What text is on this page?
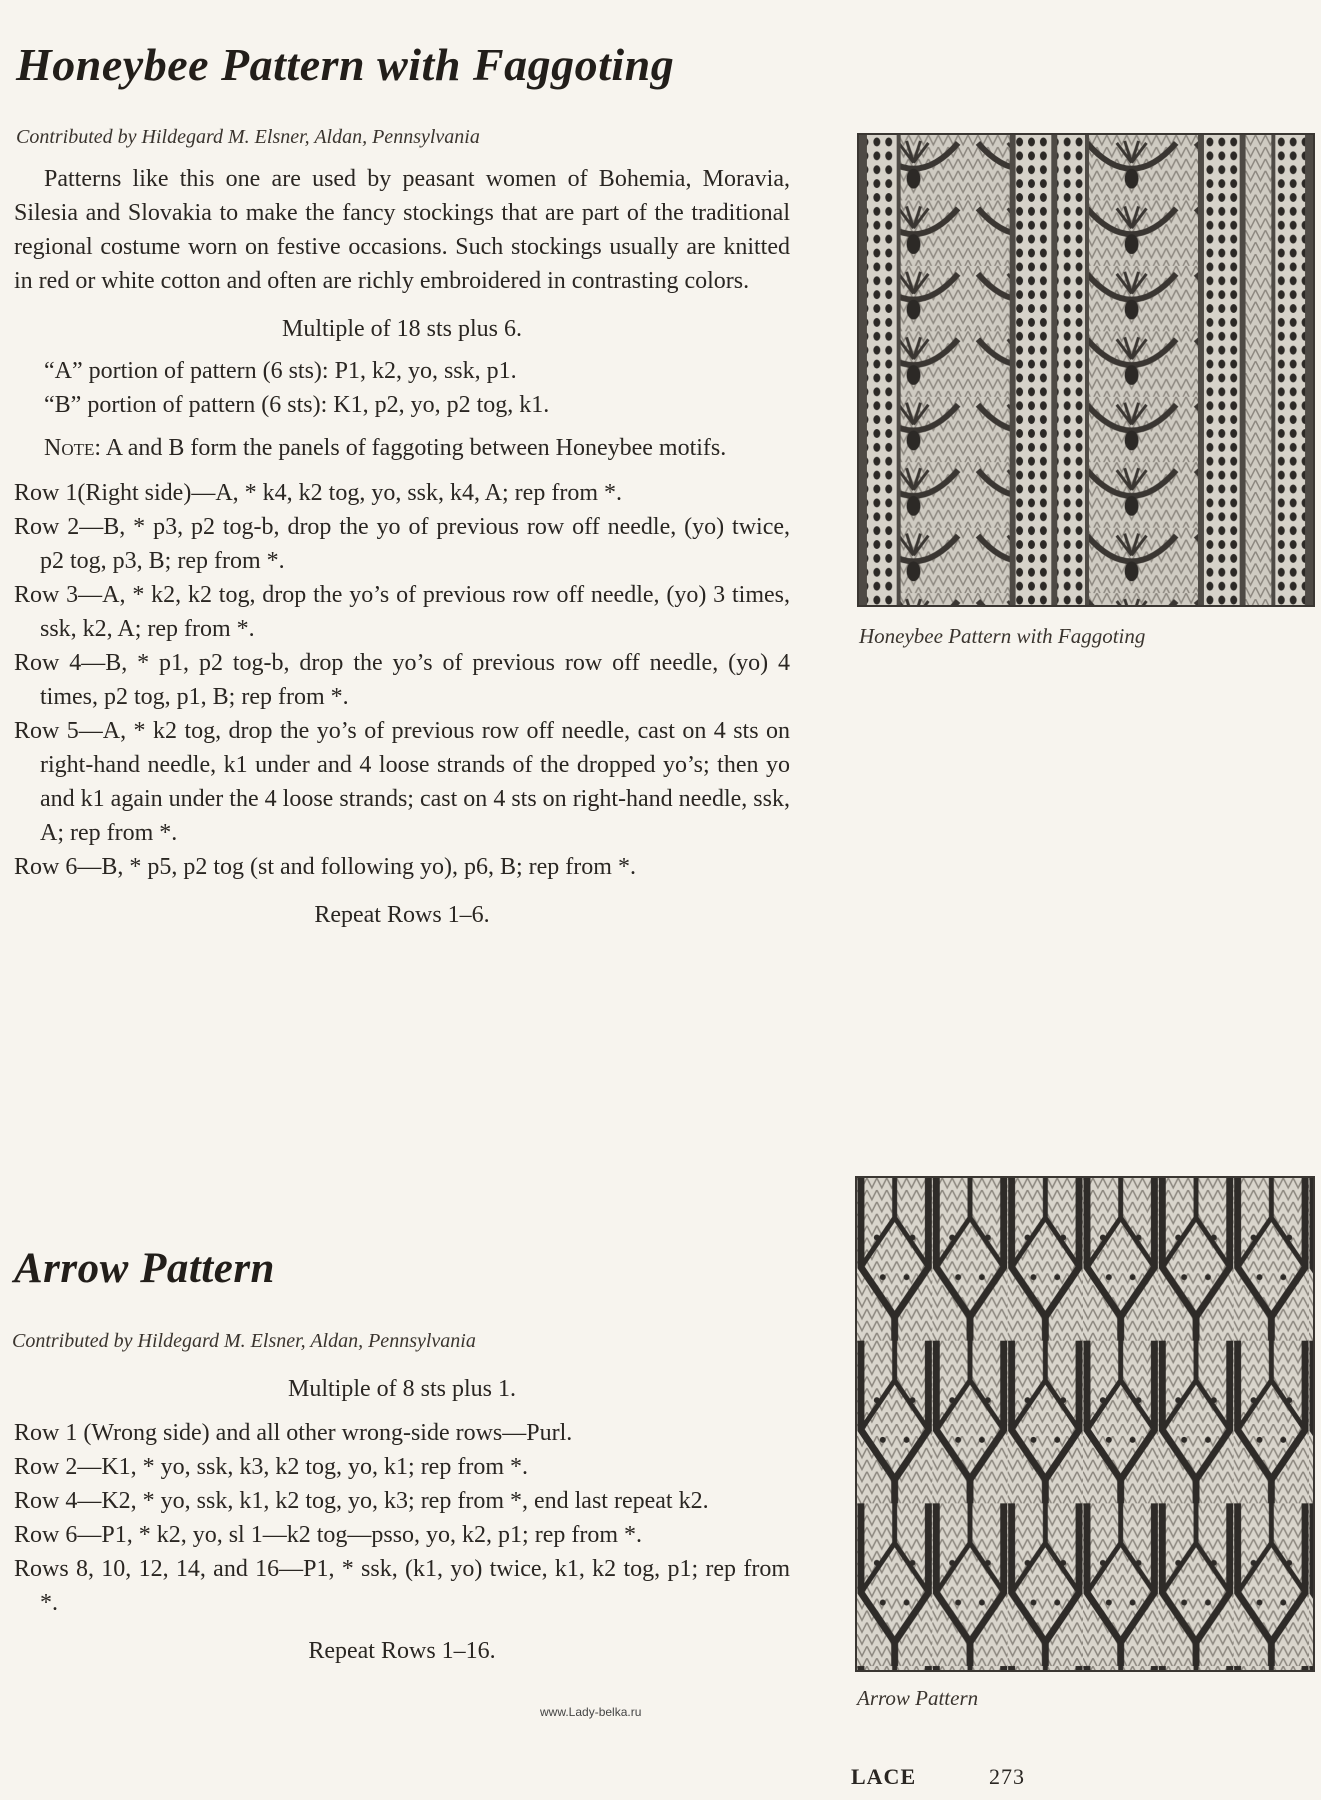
Honeybee Pattern with Faggoting
Contributed by Hildegard M. Elsner, Aldan, Pennsylvania

Patterns like this one are used by peasant women of Bohemia, Moravia, Silesia and Slovakia to make the fancy stockings that are part of the traditional regional costume worn on festive occasions. Such stockings usually are knitted in red or white cotton and often are richly embroidered in contrasting colors.

Multiple of 18 sts plus 6.
“A” portion of pattern (6 sts): P1, k2, yo, ssk, p1.
“B” portion of pattern (6 sts): K1, p2, yo, p2 tog, k1.

Note: A and B form the panels of faggoting between Honeybee motifs.

Row 1(Right side)—A, * k4, k2 tog, yo, ssk, k4, A; rep from *.
Row 2—B, * p3, p2 tog-b, drop the yo of previous row off needle, (yo) twice, p2 tog, p3, B; rep from *.
Row 3—A, * k2, k2 tog, drop the yo’s of previous row off needle, (yo) 3 times, ssk, k2, A; rep from *.
Row 4—B, * p1, p2 tog-b, drop the yo’s of previous row off needle, (yo) 4 times, p2 tog, p1, B; rep from *.
Row 5—A, * k2 tog, drop the yo’s of previous row off needle, cast on 4 sts on right-hand needle, k1 under and 4 loose strands of the dropped yo’s; then yo and k1 again under the 4 loose strands; cast on 4 sts on right-hand needle, ssk, A; rep from *.
Row 6—B, * p5, p2 tog (st and following yo), p6, B; rep from *.
Repeat Rows 1–6.
Honeybee Pattern with Faggoting
Arrow Pattern
Contributed by Hildegard M. Elsner, Aldan, Pennsylvania
Multiple of 8 sts plus 1.
Row 1 (Wrong side) and all other wrong-side rows—Purl.
Row 2—K1, * yo, ssk, k3, k2 tog, yo, k1; rep from *.
Row 4—K2, * yo, ssk, k1, k2 tog, yo, k3; rep from *, end last repeat k2.
Row 6—P1, * k2, yo, sl 1—k2 tog—psso, yo, k2, p1; rep from *.
Rows 8, 10, 12, 14, and 16—P1, * ssk, (k1, yo) twice, k1, k2 tog, p1; rep from *.
Repeat Rows 1–16.
Arrow Pattern
www.Lady-belka.ru
LACE	273
